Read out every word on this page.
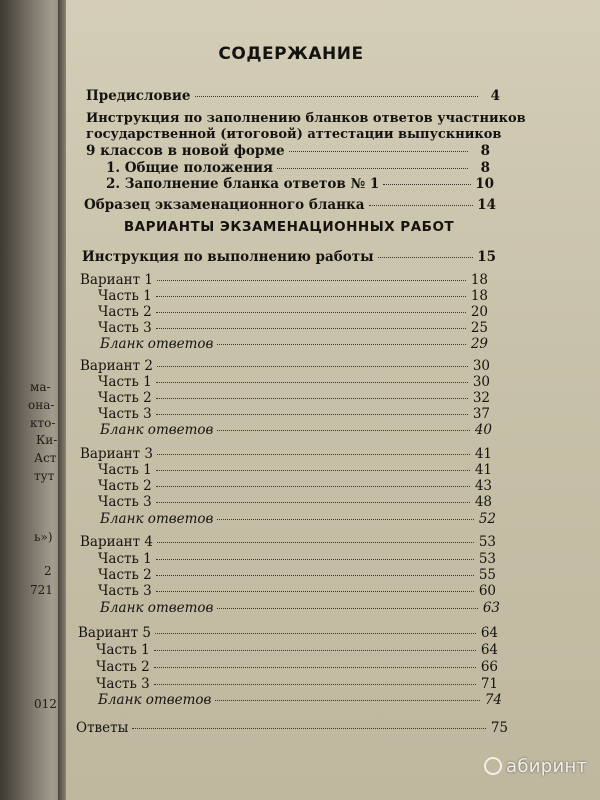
ма-
она-
кто-
Ки-
Аст
тут
ь»)
2
721
012
СОДЕРЖАНИЕ
Предисловие	4
Инструкция по заполнению бланков ответов участников
государственной (итоговой) аттестации выпускников
9 классов в новой форме	8
1. Общие положения	8
2. Заполнение бланка ответов № 1	10
Образец экзаменационного бланка	14
ВАРИАНТЫ ЭКЗАМЕНАЦИОННЫХ РАБОТ
Инструкция по выполнению работы	15
Вариант 1	18
Часть 1	18
Часть 2	20
Часть 3	25
Бланк ответов	29
Вариант 2	30
Часть 1	30
Часть 2	32
Часть 3	37
Бланк ответов	40
Вариант 3	41
Часть 1	41
Часть 2	43
Часть 3	48
Бланк ответов	52
Вариант 4	53
Часть 1	53
Часть 2	55
Часть 3	60
Бланк ответов	63
Вариант 5	64
Часть 1	64
Часть 2	66
Часть 3	71
Бланк ответов	74
Ответы	75
абиринт
